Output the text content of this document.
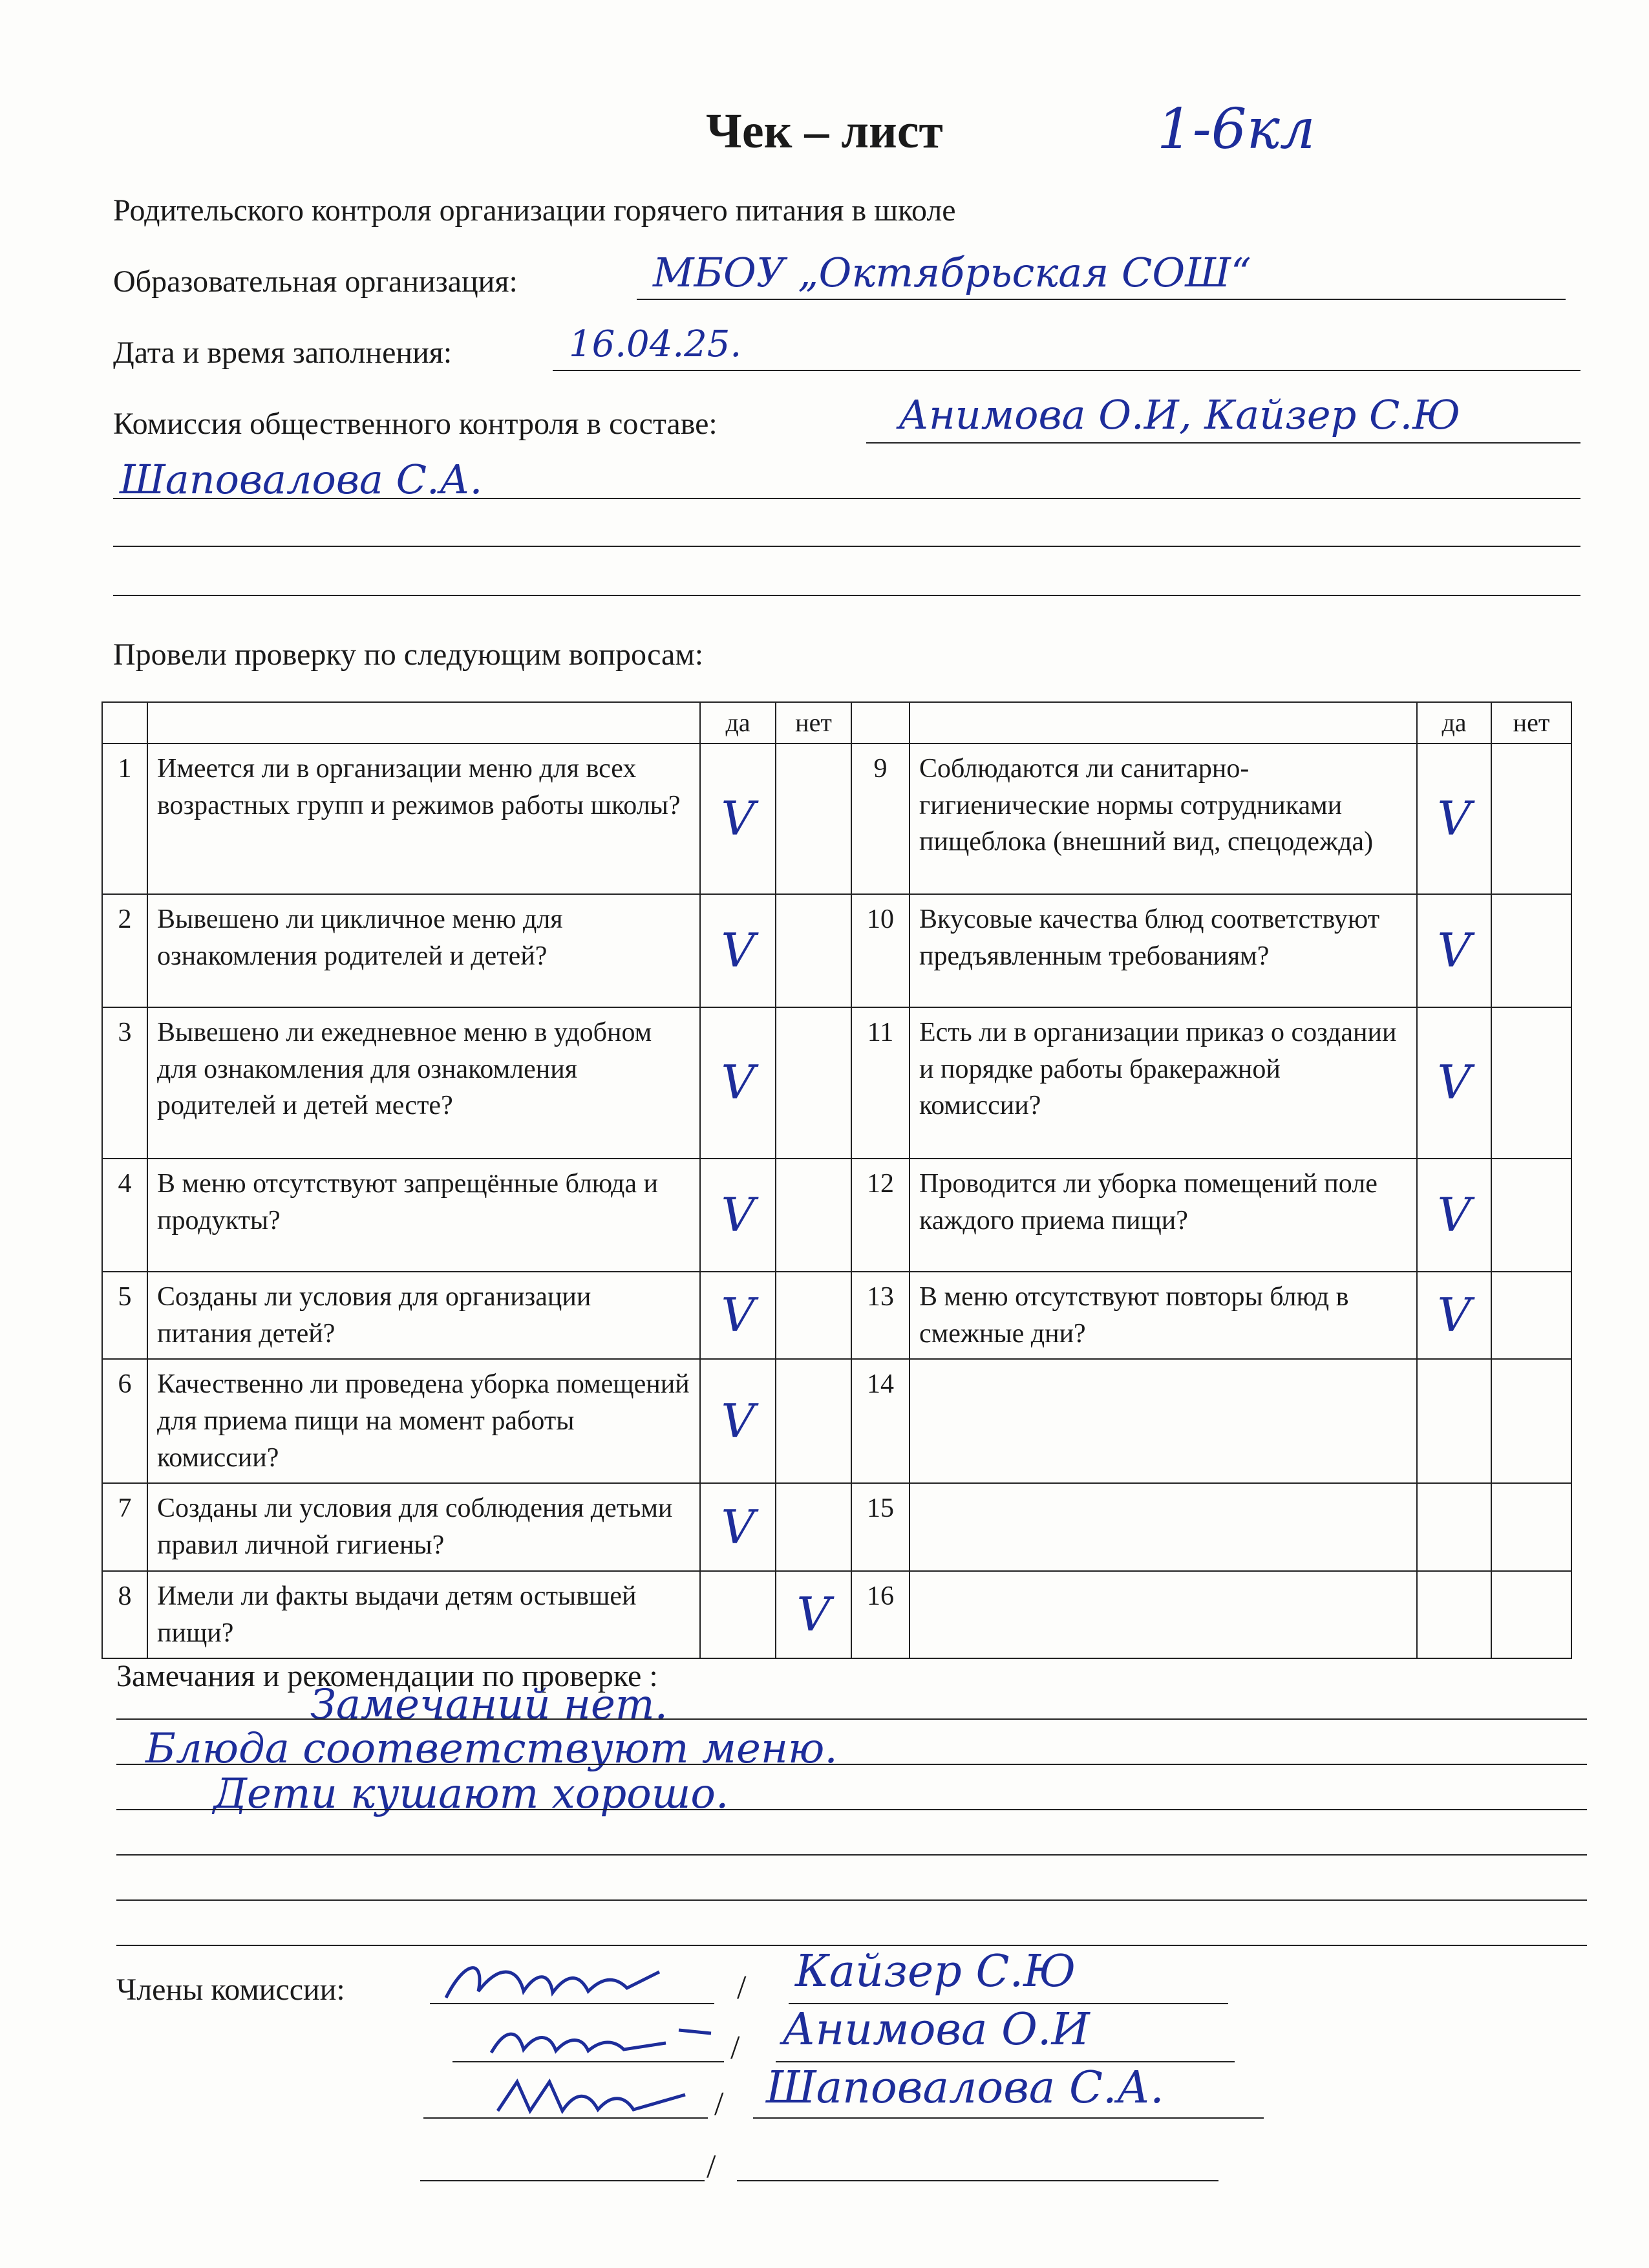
Чек – лист	1-6кл
Родительского контроля организации горячего питания в школе
Образовательная организация:	МБОУ „Октябрьская СОШ“
Дата и время заполнения:	16.04.25.
Комиссия общественного контроля в составе:	Анимова О.И, Кайзер С.Ю
Шаповалова С.А.
Провели проверку по следующим вопросам:
		да	нет			да	нет
1	Имеется ли в организации меню для всех возрастных групп и режимов работы школы?	V		9	Соблюдаются ли санитарно-гигиенические нормы сотрудниками пищеблока (внешний вид, спецодежда)	V	
2	Вывешено ли цикличное меню для ознакомления родителей и детей?	V		10	Вкусовые качества блюд соответствуют предъявленным требованиям?	V	
3	Вывешено ли ежедневное меню в удобном для ознакомления для ознакомления родителей и детей месте?	V		11	Есть ли в организации приказ о создании и порядке работы бракеражной комиссии?	V	
4	В меню отсутствуют запрещённые блюда и продукты?	V		12	Проводится ли уборка помещений поле каждого приема пищи?	V	
5	Созданы ли условия для организации питания детей?	V		13	В меню отсутствуют повторы блюд в смежные дни?	V	
6	Качественно ли проведена уборка помещений для приема пищи на момент работы комиссии?	V		14			
7	Созданы ли условия для соблюдения детьми правил личной гигиены?	V		15			
8	Имели ли факты выдачи детям остывшей пищи?		V	16			
Замечания и рекомендации по проверке :
Замечаний нет.
Блюда соответствуют меню.
Дети кушают хорошо.
Члены комиссии:	/ Кайзер С.Ю
/ Анимова О.И
/ Шаповалова С.А.
/
